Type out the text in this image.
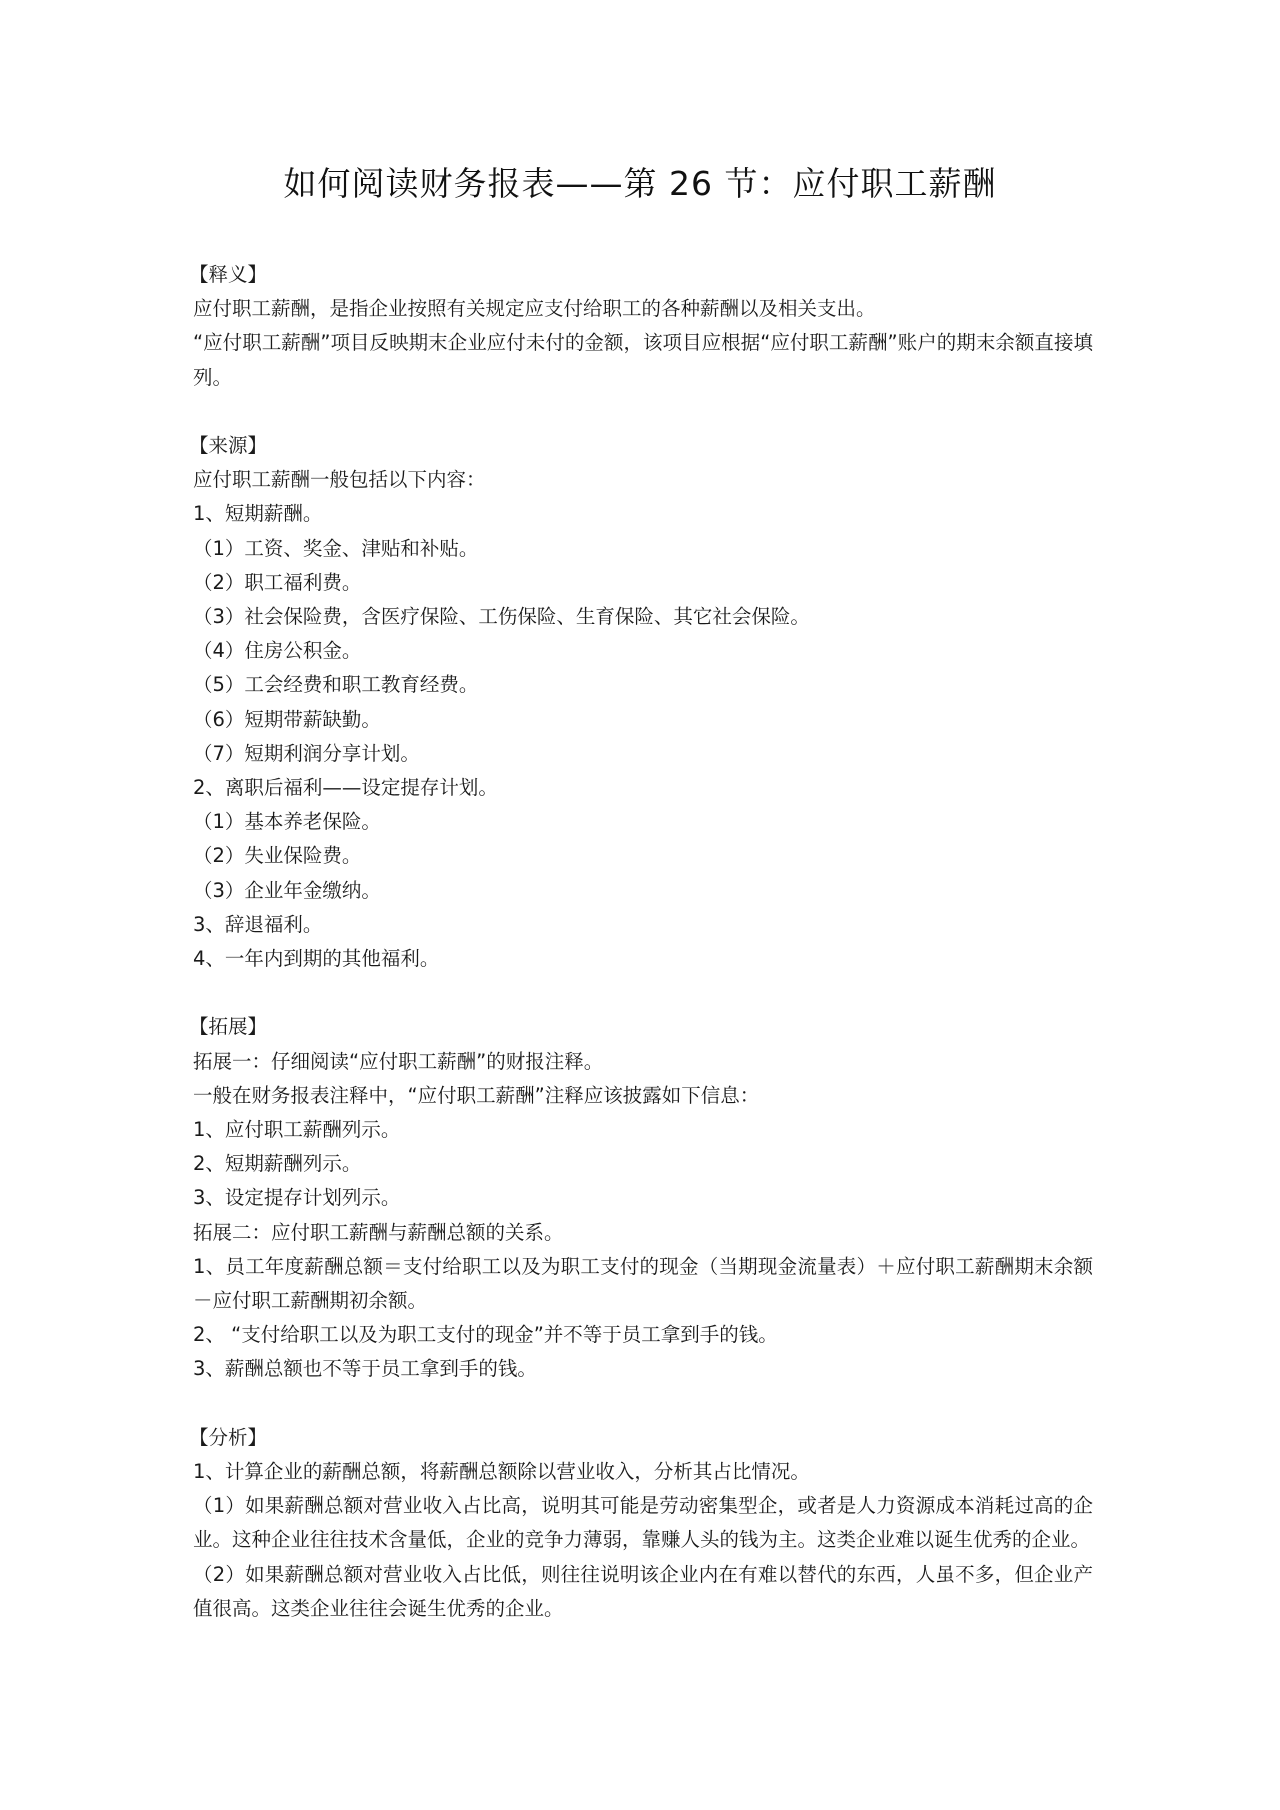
如何阅读财务报表——第 26 节：应付职工薪酬
【释义】
应付职工薪酬，是指企业按照有关规定应支付给职工的各种薪酬以及相关支出。
“应付职工薪酬”项目反映期末企业应付未付的金额，该项目应根据“应付职工薪酬”账户的期末余额直接填列。
【来源】
应付职工薪酬一般包括以下内容：
1、短期薪酬。
（1）工资、奖金、津贴和补贴。
（2）职工福利费。
（3）社会保险费，含医疗保险、工伤保险、生育保险、其它社会保险。
（4）住房公积金。
（5）工会经费和职工教育经费。
（6）短期带薪缺勤。
（7）短期利润分享计划。
2、离职后福利——设定提存计划。
（1）基本养老保险。
（2）失业保险费。
（3）企业年金缴纳。
3、辞退福利。
4、一年内到期的其他福利。
【拓展】
拓展一：仔细阅读“应付职工薪酬”的财报注释。
一般在财务报表注释中，“应付职工薪酬”注释应该披露如下信息：
1、应付职工薪酬列示。
2、短期薪酬列示。
3、设定提存计划列示。
拓展二：应付职工薪酬与薪酬总额的关系。
1、员工年度薪酬总额＝支付给职工以及为职工支付的现金（当期现金流量表）＋应付职工薪酬期末余额－应付职工薪酬期初余额。
2、 “支付给职工以及为职工支付的现金”并不等于员工拿到手的钱。
3、薪酬总额也不等于员工拿到手的钱。
【分析】
1、计算企业的薪酬总额，将薪酬总额除以营业收入，分析其占比情况。
（1）如果薪酬总额对营业收入占比高，说明其可能是劳动密集型企，或者是人力资源成本消耗过高的企业。这种企业往往技术含量低，企业的竞争力薄弱，靠赚人头的钱为主。这类企业难以诞生优秀的企业。
（2）如果薪酬总额对营业收入占比低，则往往说明该企业内在有难以替代的东西，人虽不多，但企业产值很高。这类企业往往会诞生优秀的企业。
